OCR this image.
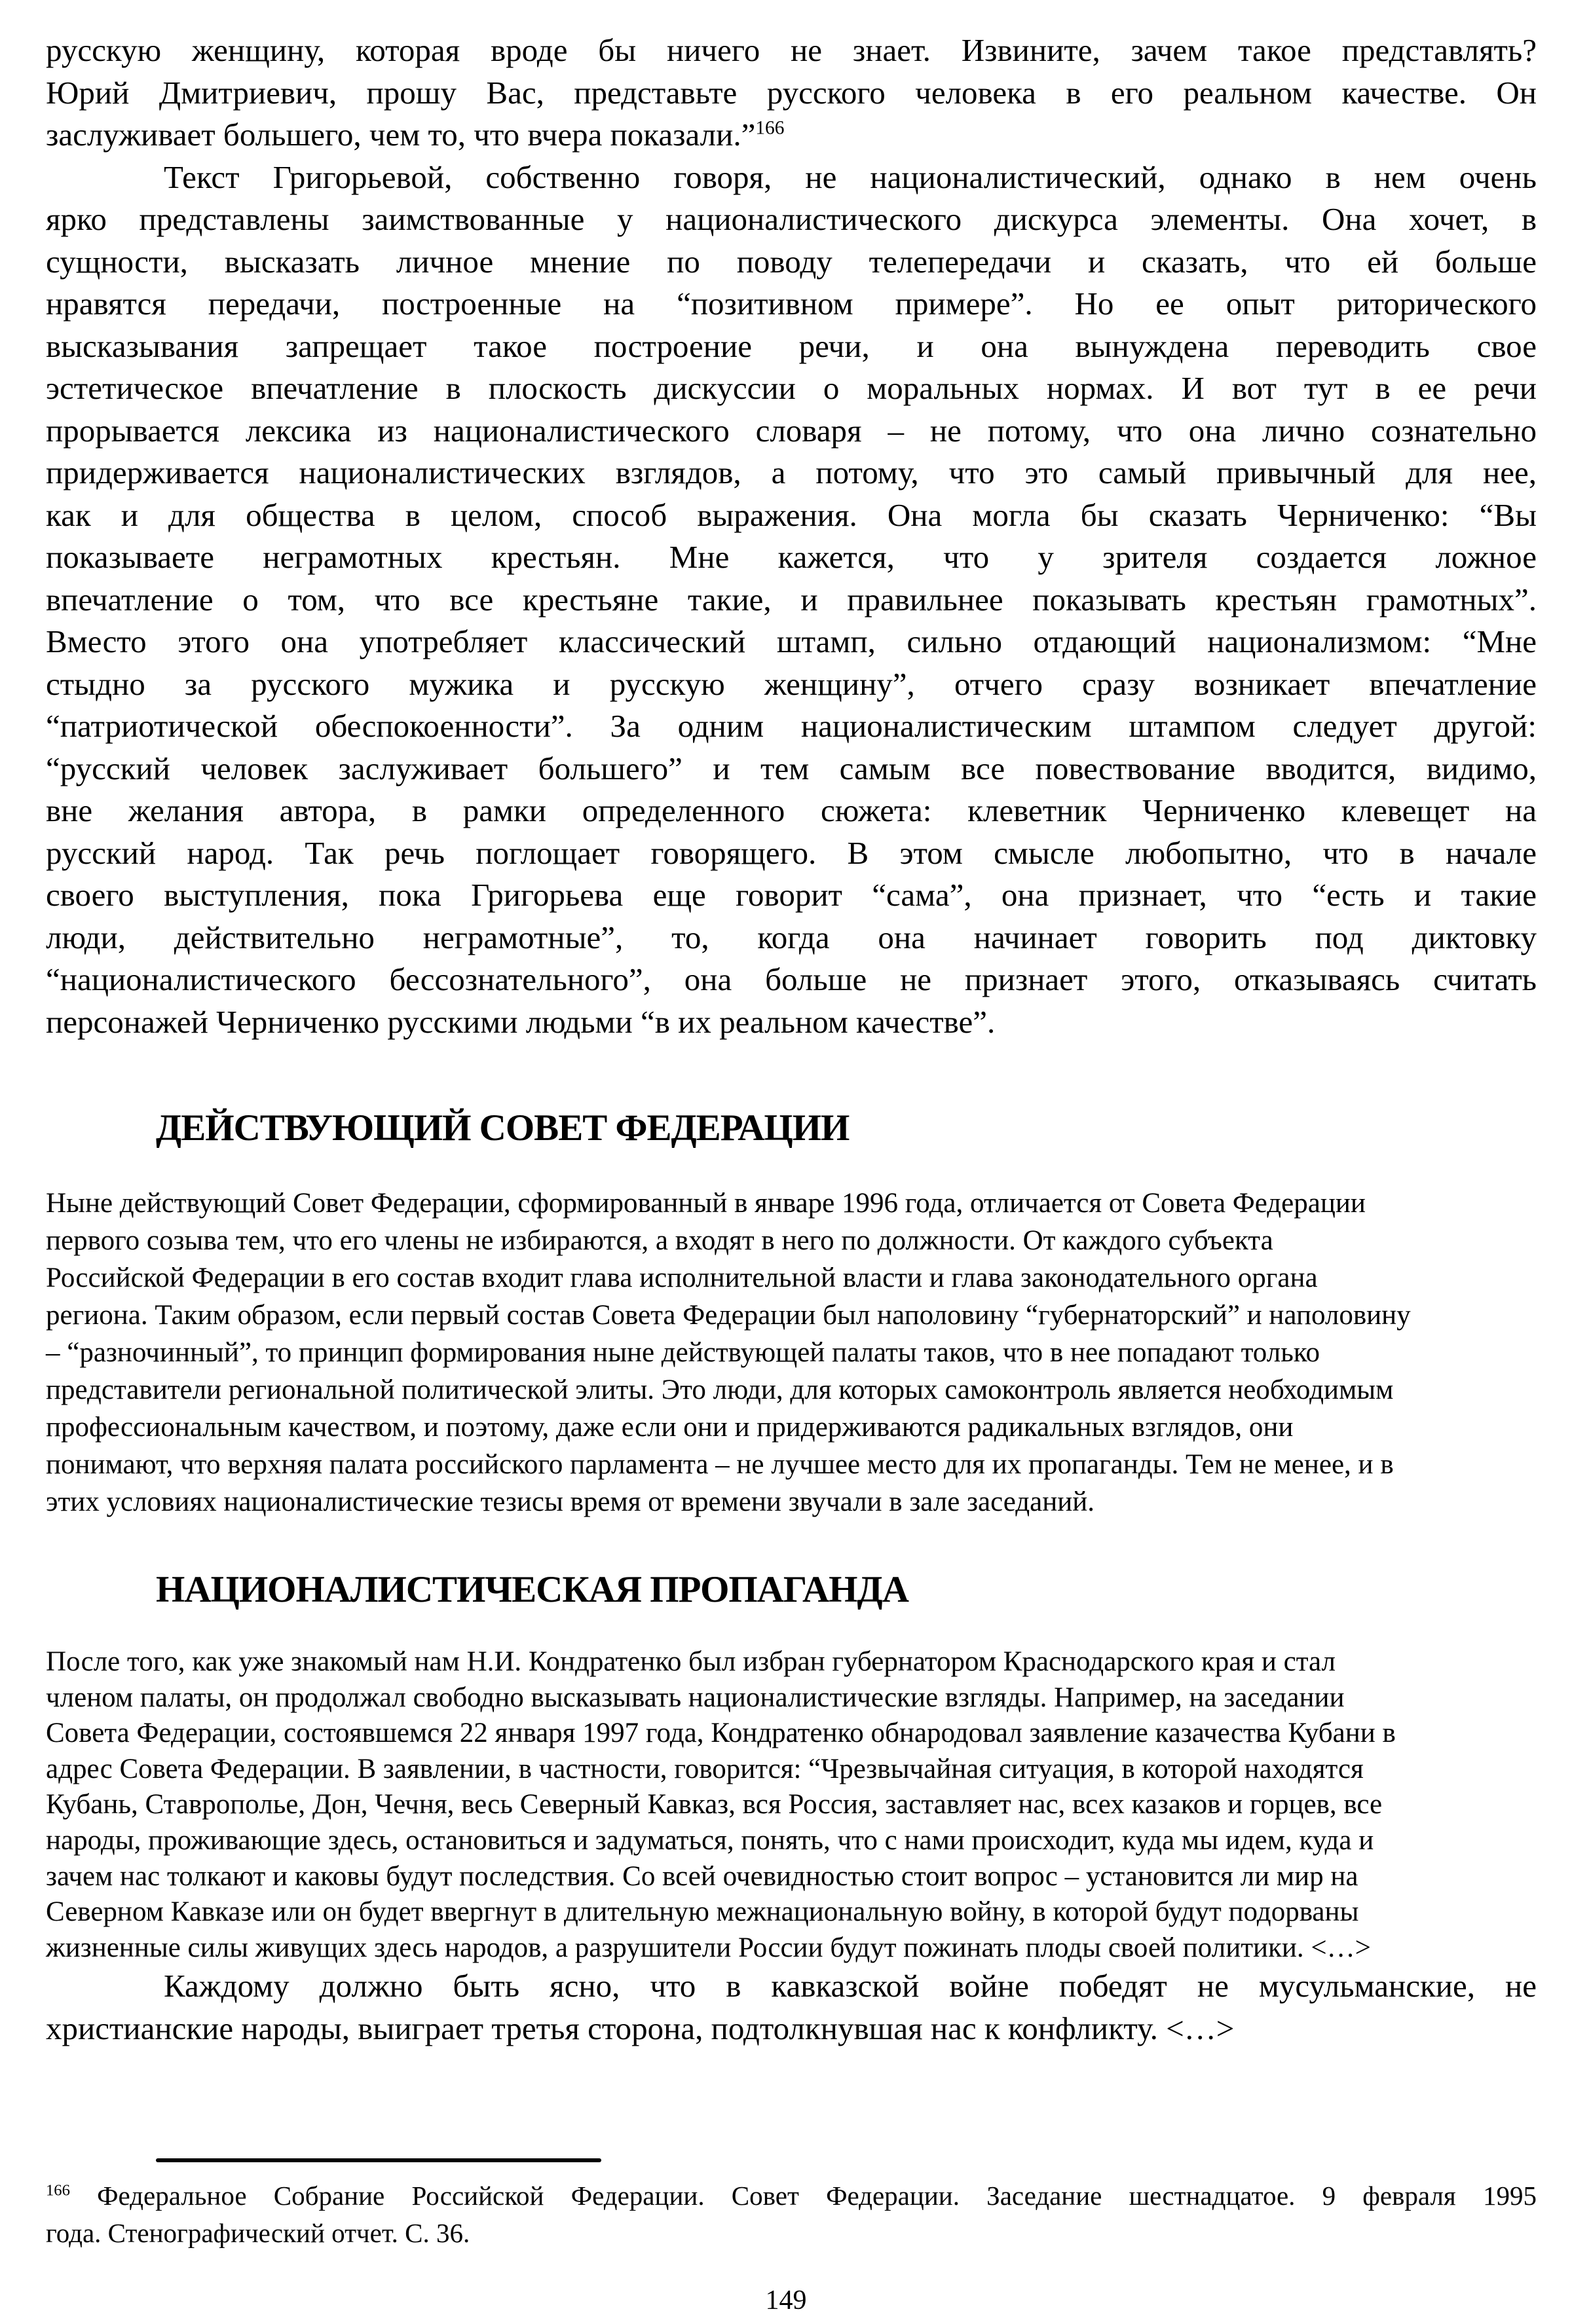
русскую женщину, которая вроде бы ничего не знает. Извините, зачем такое представлять?
Юрий Дмитриевич, прошу Вас, представьте русского человека в его реальном качестве. Он
заслуживает большего, чем то, что вчера показали.”$^{166}$
Текст Григорьевой, собственно говоря, не националистический, однако в нем очень
ярко представлены заимствованные у националистического дискурса элементы. Она хочет, в
сущности, высказать личное мнение по поводу телепередачи и сказать, что ей больше
нравятся передачи, построенные на “позитивном примере”. Но ее опыт риторического
высказывания запрещает такое построение речи, и она вынуждена переводить свое
эстетическое впечатление в плоскость дискуссии о моральных нормах. И вот тут в ее речи
прорывается лексика из националистического словаря – не потому, что она лично сознательно
придерживается националистических взглядов, а потому, что это самый привычный для нее,
как и для общества в целом, способ выражения. Она могла бы сказать Черниченко: “Вы
показываете неграмотных крестьян. Мне кажется, что у зрителя создается ложное
впечатление о том, что все крестьяне такие, и правильнее показывать крестьян грамотных”.
Вместо этого она употребляет классический штамп, сильно отдающий национализмом: “Мне
стыдно за русского мужика и русскую женщину”, отчего сразу возникает впечатление
“патриотической обеспокоенности”. За одним националистическим штампом следует другой:
“русский человек заслуживает большего” и тем самым все повествование вводится, видимо,
вне желания автора, в рамки определенного сюжета: клеветник Черниченко клевещет на
русский народ. Так речь поглощает говорящего. В этом смысле любопытно, что в начале
своего выступления, пока Григорьева еще говорит “сама”, она признает, что “есть и такие
люди, действительно неграмотные”, то, когда она начинает говорить под диктовку
“националистического бессознательного”, она больше не признает этого, отказываясь считать
персонажей Черниченко русскими людьми “в их реальном качестве”.
ДЕЙСТВУЮЩИЙ СОВЕТ ФЕДЕРАЦИИ
Ныне действующий Совет Федерации, сформированный в январе 1996 года, отличается от Совета Федерации
первого созыва тем, что его члены не избираются, а входят в него по должности. От каждого субъекта
Российской Федерации в его состав входит глава исполнительной власти и глава законодательного органа
региона. Таким образом, если первый состав Совета Федерации был наполовину “губернаторский” и наполовину
– “разночинный”, то принцип формирования ныне действующей палаты таков, что в нее попадают только
представители региональной политической элиты. Это люди, для которых самоконтроль является необходимым
профессиональным качеством, и поэтому, даже если они и придерживаются радикальных взглядов, они
понимают, что верхняя палата российского парламента – не лучшее место для их пропаганды. Тем не менее, и в
этих условиях националистические тезисы время от времени звучали в зале заседаний.
НАЦИОНАЛИСТИЧЕСКАЯ ПРОПАГАНДА
После того, как уже знакомый нам Н.И. Кондратенко был избран губернатором Краснодарского края и стал
членом палаты, он продолжал свободно высказывать националистические взгляды. Например, на заседании
Совета Федерации, состоявшемся 22 января 1997 года, Кондратенко обнародовал заявление казачества Кубани в
адрес Совета Федерации. В заявлении, в частности, говорится: “Чрезвычайная ситуация, в которой находятся
Кубань, Ставрополье, Дон, Чечня, весь Северный Кавказ, вся Россия, заставляет нас, всех казаков и горцев, все
народы, проживающие здесь, остановиться и задуматься, понять, что с нами происходит, куда мы идем, куда и
зачем нас толкают и каковы будут последствия. Со всей очевидностью стоит вопрос – установится ли мир на
Северном Кавказе или он будет ввергнут в длительную межнациональную войну, в которой будут подорваны
жизненные силы живущих здесь народов, а разрушители России будут пожинать плоды своей политики. <…>
Каждому должно быть ясно, что в кавказской войне победят не мусульманские, не
христианские народы, выиграет третья сторона, подтолкнувшая нас к конфликту. <…>
$^{166}$ Федеральное Собрание Российской Федерации. Совет Федерации. Заседание шестнадцатое. 9 февраля 1995
года. Стенографический отчет. С. 36.
149
